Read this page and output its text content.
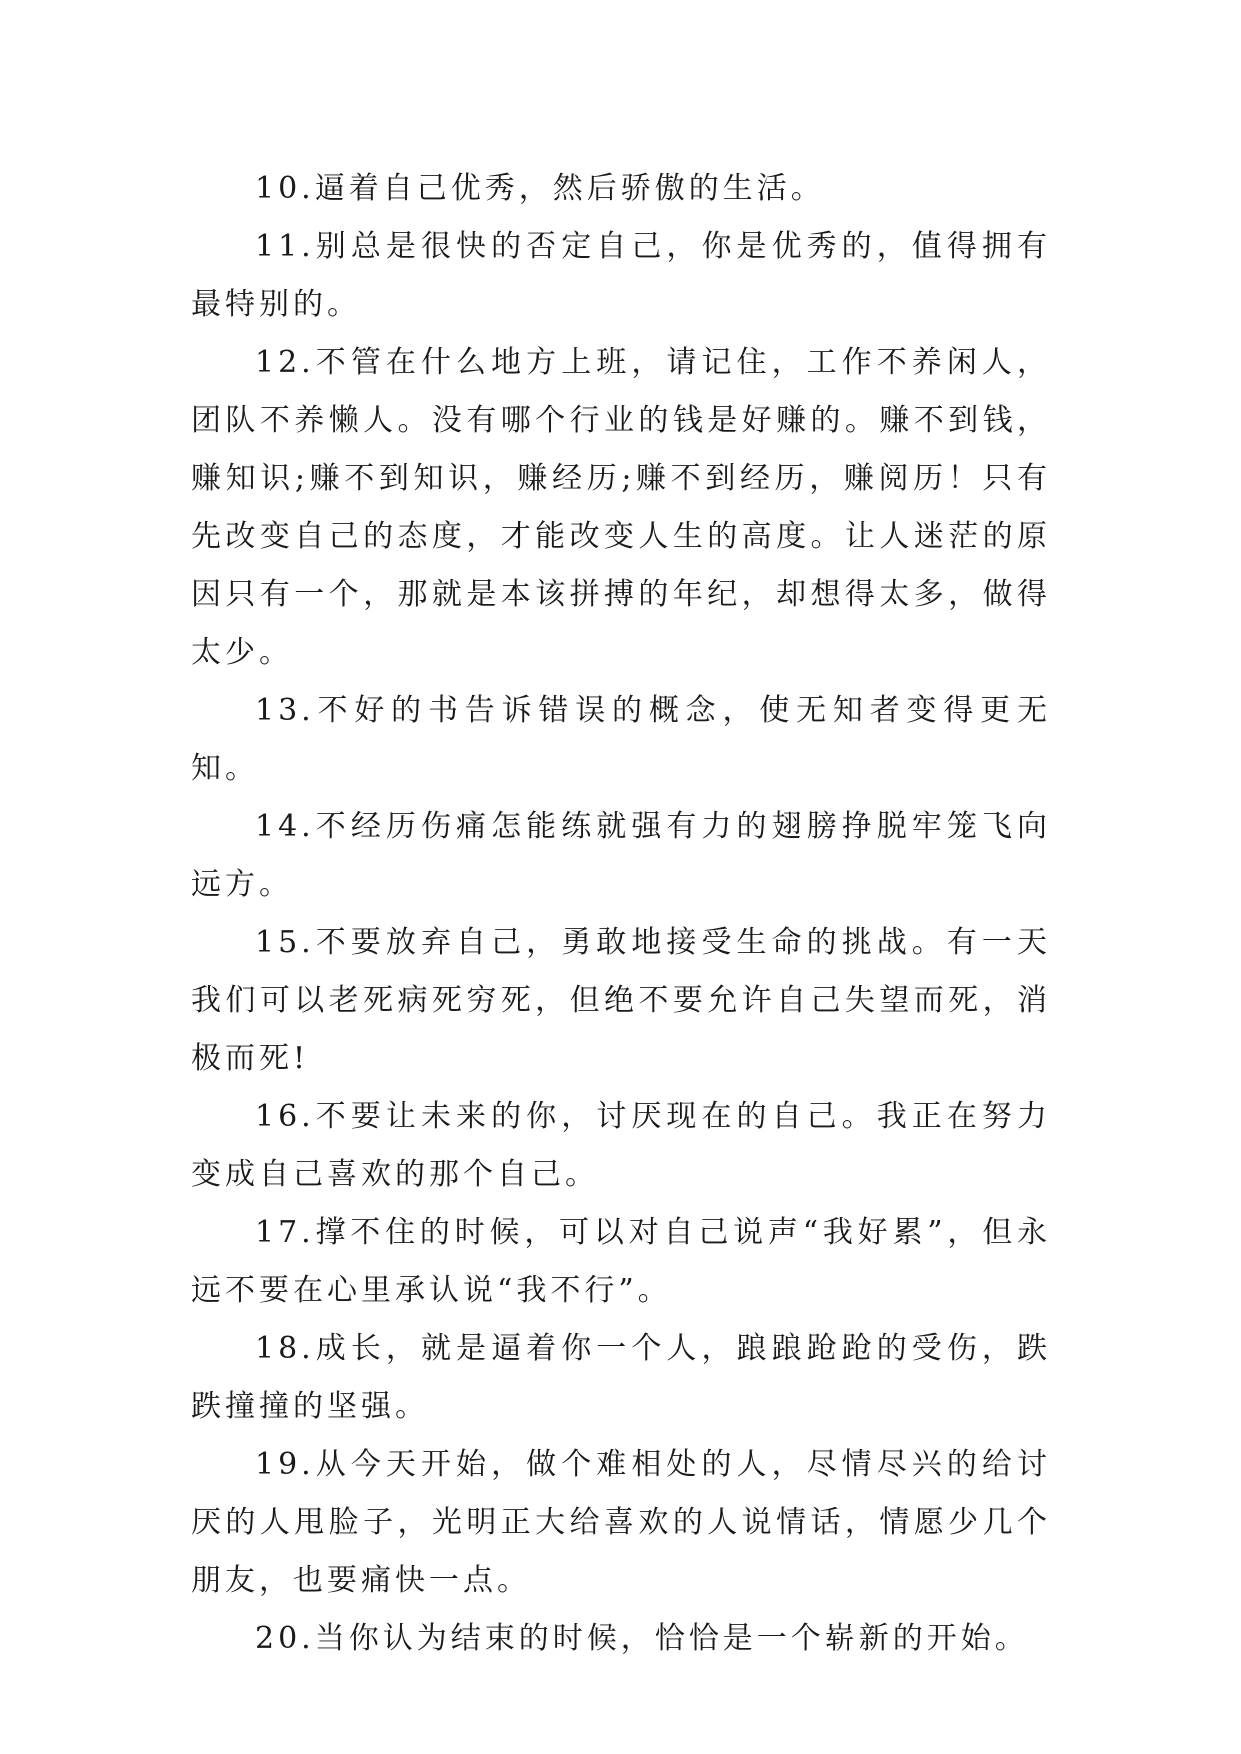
10.逼着自己优秀，然后骄傲的生活。

11.别总是很快的否定自己，你是优秀的，值得拥有最特别的。

12.不管在什么地方上班，请记住，工作不养闲人，团队不养懒人。没有哪个行业的钱是好赚的。赚不到钱，赚知识;赚不到知识，赚经历;赚不到经历，赚阅历！只有先改变自己的态度，才能改变人生的高度。让人迷茫的原因只有一个，那就是本该拼搏的年纪，却想得太多，做得太少。

13.不好的书告诉错误的概念，使无知者变得更无知。

14.不经历伤痛怎能练就强有力的翅膀挣脱牢笼飞向远方。

15.不要放弃自己，勇敢地接受生命的挑战。有一天我们可以老死病死穷死，但绝不要允许自己失望而死，消极而死!

16.不要让未来的你，讨厌现在的自己。我正在努力变成自己喜欢的那个自己。

17.撑不住的时候，可以对自己说声“我好累”，但永远不要在心里承认说“我不行”。

18.成长，就是逼着你一个人，踉踉跄跄的受伤，跌跌撞撞的坚强。

19.从今天开始，做个难相处的人，尽情尽兴的给讨厌的人甩脸子，光明正大给喜欢的人说情话，情愿少几个朋友，也要痛快一点。

20.当你认为结束的时候，恰恰是一个崭新的开始。
